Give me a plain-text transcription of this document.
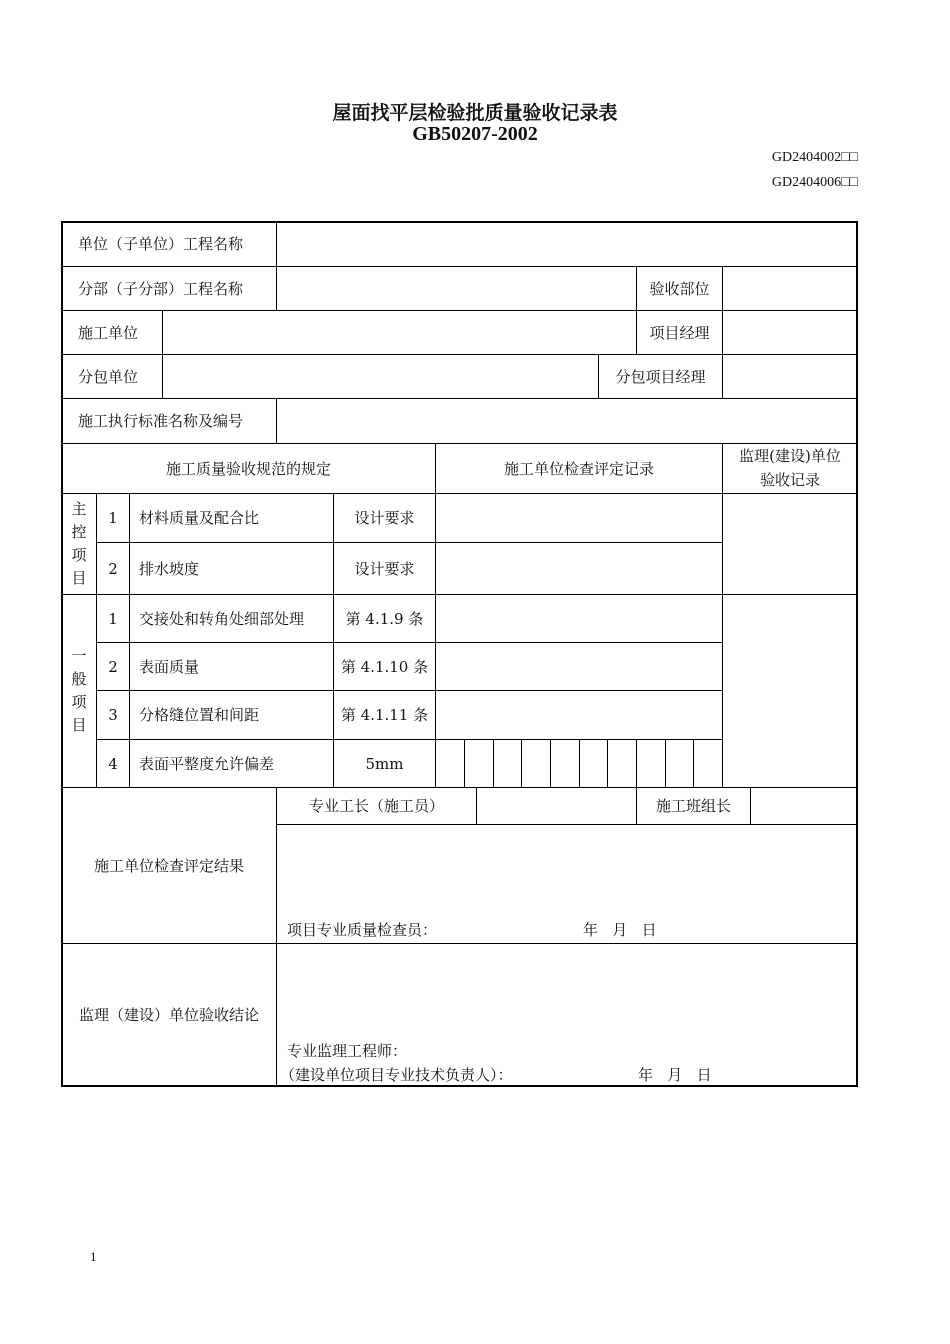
屋面找平层检验批质量验收记录表
GB50207-2002
GD2404002□□
GD2404006□□
单位（子单位）工程名称
分部（子分部）工程名称	验收部位
施工单位	项目经理
分包单位	分包项目经理
施工执行标准名称及编号
施工质量验收规范的规定	施工单位检查评定记录
监理(建设)单位
验收记录
主
控
项
目
1	材料质量及配合比	设计要求
2	排水坡度	设计要求
一
般
项
目
1	交接处和转角处细部处理	第 4.1.9 条
2	表面质量	第 4.1.10 条
3	分格缝位置和间距	第 4.1.11 条
4	表面平整度允许偏差	5mm
施工单位检查评定结果
专业工长（施工员）	施工班组长
项目专业质量检查员：	年   月   日
监理（建设）单位验收结论
专业监理工程师：
（建设单位项目专业技术负责人）：	年   月   日
1
